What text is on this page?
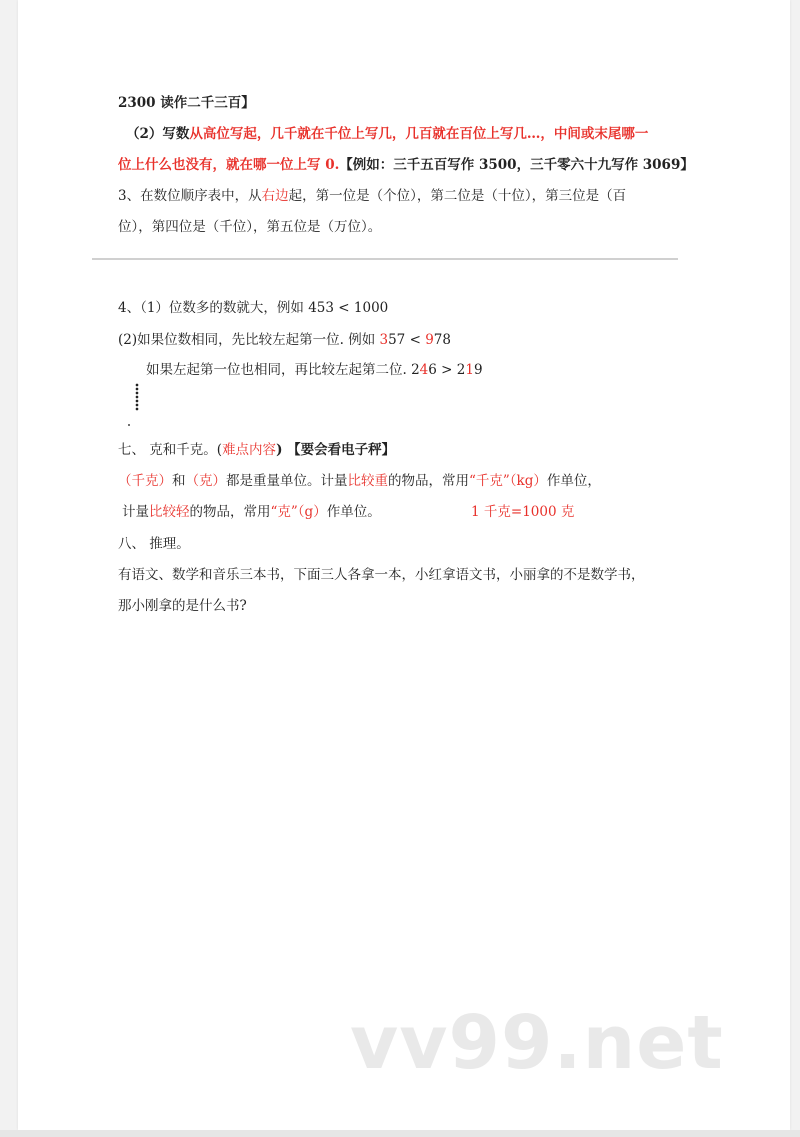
2300 读作二千三百】
（2）写数从高位写起，几千就在千位上写几，几百就在百位上写几…，中间或末尾哪一
位上什么也没有，就在哪一位上写 0.【例如：三千五百写作 3500，三千零六十九写作 3069】
3、在数位顺序表中，从右边起，第一位是（个位），第二位是（十位），第三位是（百
位），第四位是（千位），第五位是（万位）。
4、（1）位数多的数就大，例如 453 < 1000
(2)如果位数相同，先比较左起第一位. 例如 357 < 978
如果左起第一位也相同，再比较左起第二位. 246 > 219
七、 克和千克。(难点内容) 【要会看电子秤】
（千克）和（克）都是重量单位。计量比较重的物品，常用“千克”（kg）作单位，
计量比较轻的物品，常用“克”（g）作单位。	1 千克=1000 克
八、 推理。
有语文、数学和音乐三本书，下面三人各拿一本，小红拿语文书，小丽拿的不是数学书，
那小刚拿的是什么书?
vv99.net
